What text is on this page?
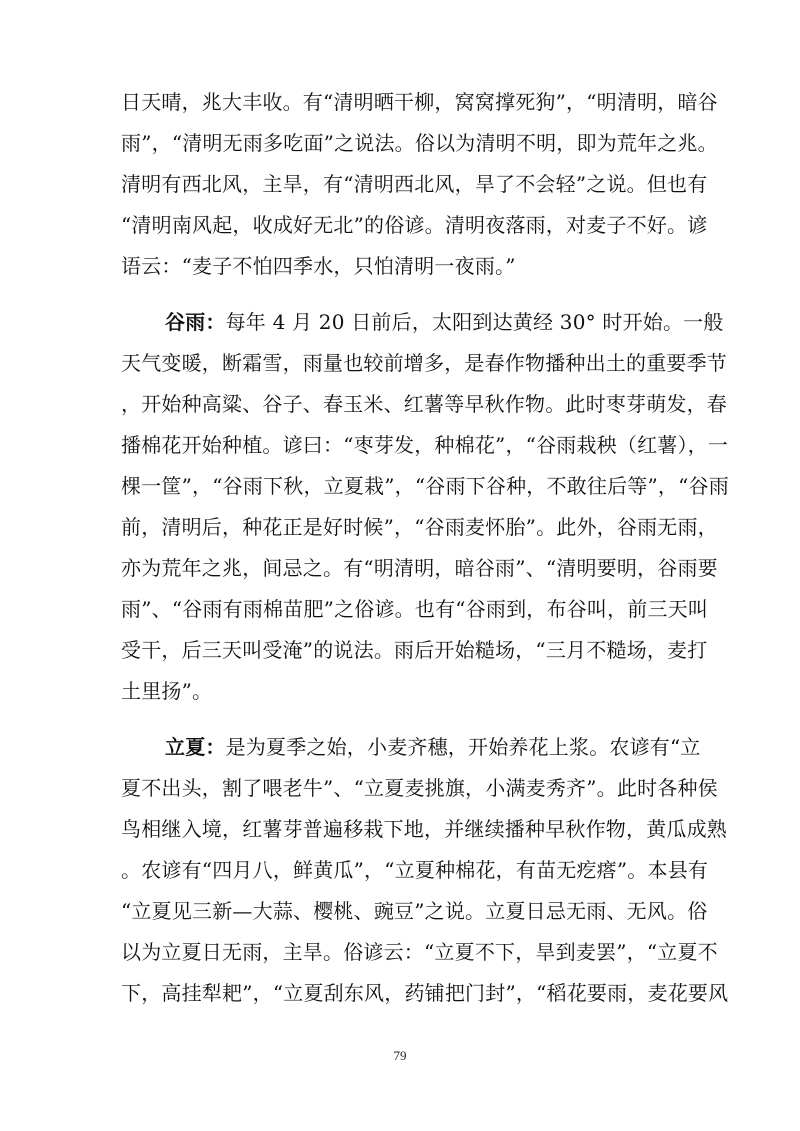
日天晴，兆大丰收。有“清明晒干柳，窝窝撑死狗”，“明清明，暗谷
雨”，“清明无雨多吃面”之说法。俗以为清明不明，即为荒年之兆。
清明有西北风，主旱，有“清明西北风，旱了不会轻”之说。但也有
“清明南风起，收成好无北”的俗谚。清明夜落雨，对麦子不好。谚
语云：“麦子不怕四季水，只怕清明一夜雨。”
谷雨：每年 4 月 20 日前后，太阳到达黄经 30° 时开始。一般
天气变暖，断霜雪，雨量也较前增多，是春作物播种出土的重要季节
，开始种高粱、谷子、春玉米、红薯等早秋作物。此时枣芽萌发，春
播棉花开始种植。谚曰：“枣芽发，种棉花”，“谷雨栽秧（红薯），一
棵一筐”，“谷雨下秋，立夏栽”，“谷雨下谷种，不敢往后等”，“谷雨
前，清明后，种花正是好时候”，“谷雨麦怀胎”。此外，谷雨无雨，
亦为荒年之兆，间忌之。有“明清明，暗谷雨”、“清明要明，谷雨要
雨”、“谷雨有雨棉苗肥”之俗谚。也有“谷雨到，布谷叫，前三天叫
受干，后三天叫受淹”的说法。雨后开始糙场，“三月不糙场，麦打
土里扬”。
立夏：是为夏季之始，小麦齐穗，开始养花上浆。农谚有“立
夏不出头，割了喂老牛”、“立夏麦挑旗，小满麦秀齐”。此时各种侯
鸟相继入境，红薯芽普遍移栽下地，并继续播种早秋作物，黄瓜成熟
。农谚有“四月八，鲜黄瓜”，“立夏种棉花，有苗无疙瘩”。本县有
“立夏见三新—大蒜、樱桃、豌豆”之说。立夏日忌无雨、无风。俗
以为立夏日无雨，主旱。俗谚云：“立夏不下，旱到麦罢”，“立夏不
下，高挂犁耙”，“立夏刮东风，药铺把门封”，“稻花要雨，麦花要风
79
